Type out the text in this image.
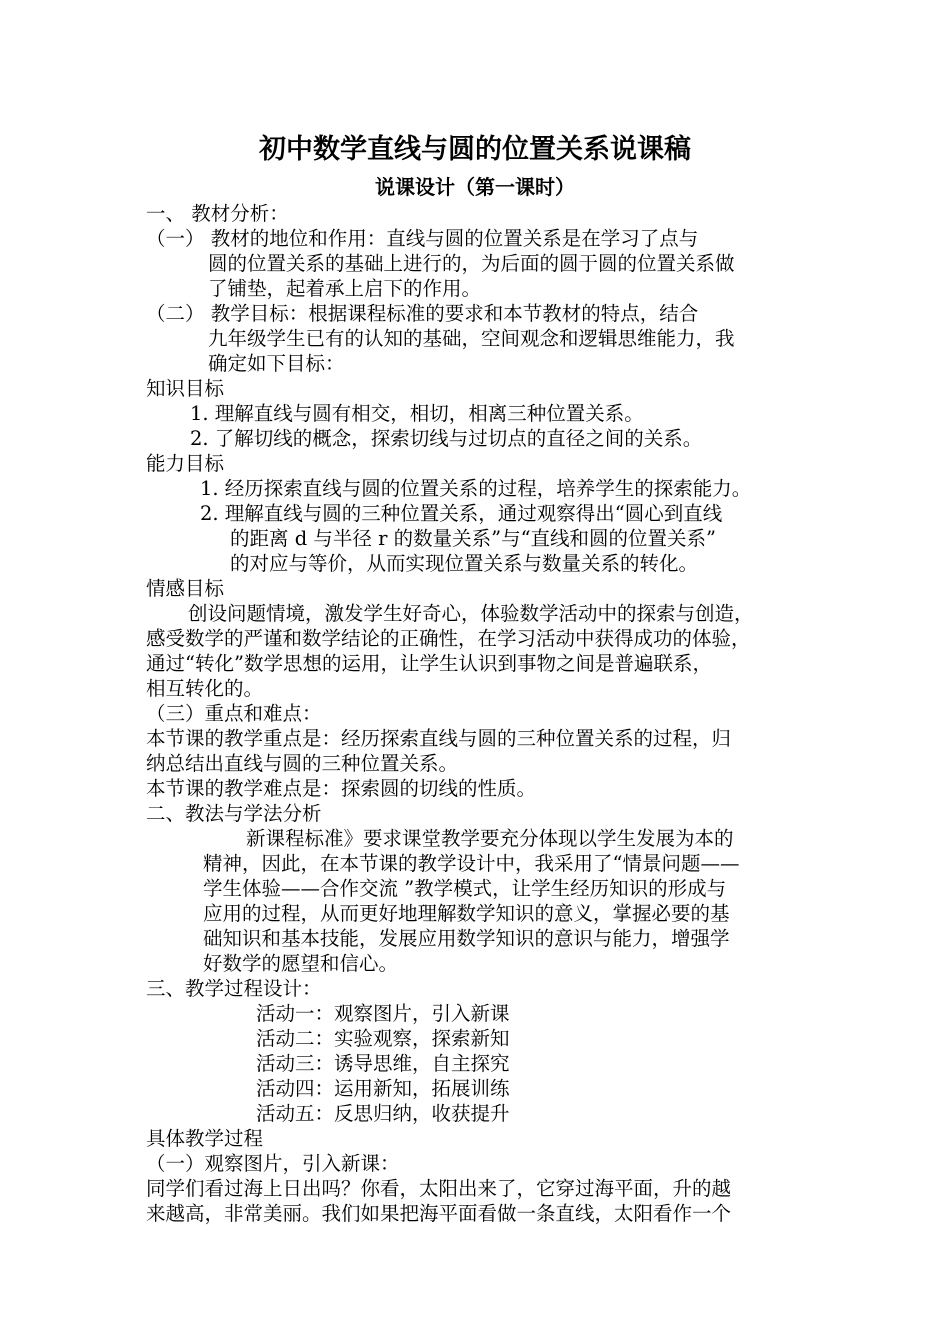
初中数学直线与圆的位置关系说课稿
说课设计（第一课时）
一、 教材分析：
（一） 教材的地位和作用：直线与圆的位置关系是在学习了点与
圆的位置关系的基础上进行的，为后面的圆于圆的位置关系做
了铺垫，起着承上启下的作用。
（二） 教学目标：根据课程标准的要求和本节教材的特点，结合
九年级学生已有的认知的基础，空间观念和逻辑思维能力，我
确定如下目标：
知识目标
1. 理解直线与圆有相交，相切，相离三种位置关系。
2. 了解切线的概念，探索切线与过切点的直径之间的关系。
能力目标
1. 经历探索直线与圆的位置关系的过程，培养学生的探索能力。
2. 理解直线与圆的三种位置关系，通过观察得出“圆心到直线
的距离 d 与半径 r 的数量关系”与“直线和圆的位置关系”
的对应与等价，从而实现位置关系与数量关系的转化。
情感目标
创设问题情境，激发学生好奇心，体验数学活动中的探索与创造，
感受数学的严谨和数学结论的正确性，在学习活动中获得成功的体验，
通过“转化”数学思想的运用，让学生认识到事物之间是普遍联系，
相互转化的。
（三）重点和难点：
本节课的教学重点是：经历探索直线与圆的三种位置关系的过程，归
纳总结出直线与圆的三种位置关系。
本节课的教学难点是：探索圆的切线的性质。
二、教法与学法分析
新课程标准》要求课堂教学要充分体现以学生发展为本的
精神，因此，在本节课的教学设计中，我采用了“情景问题——
学生体验——合作交流 ”教学模式，让学生经历知识的形成与
应用的过程，从而更好地理解数学知识的意义，掌握必要的基
础知识和基本技能，发展应用数学知识的意识与能力，增强学
好数学的愿望和信心。
三、教学过程设计：
活动一：观察图片，引入新课
活动二：实验观察，探索新知
活动三：诱导思维，自主探究
活动四：运用新知，拓展训练
活动五：反思归纳，收获提升
具体教学过程
（一）观察图片，引入新课：
同学们看过海上日出吗？你看，太阳出来了，它穿过海平面，升的越
来越高，非常美丽。我们如果把海平面看做一条直线，太阳看作一个
